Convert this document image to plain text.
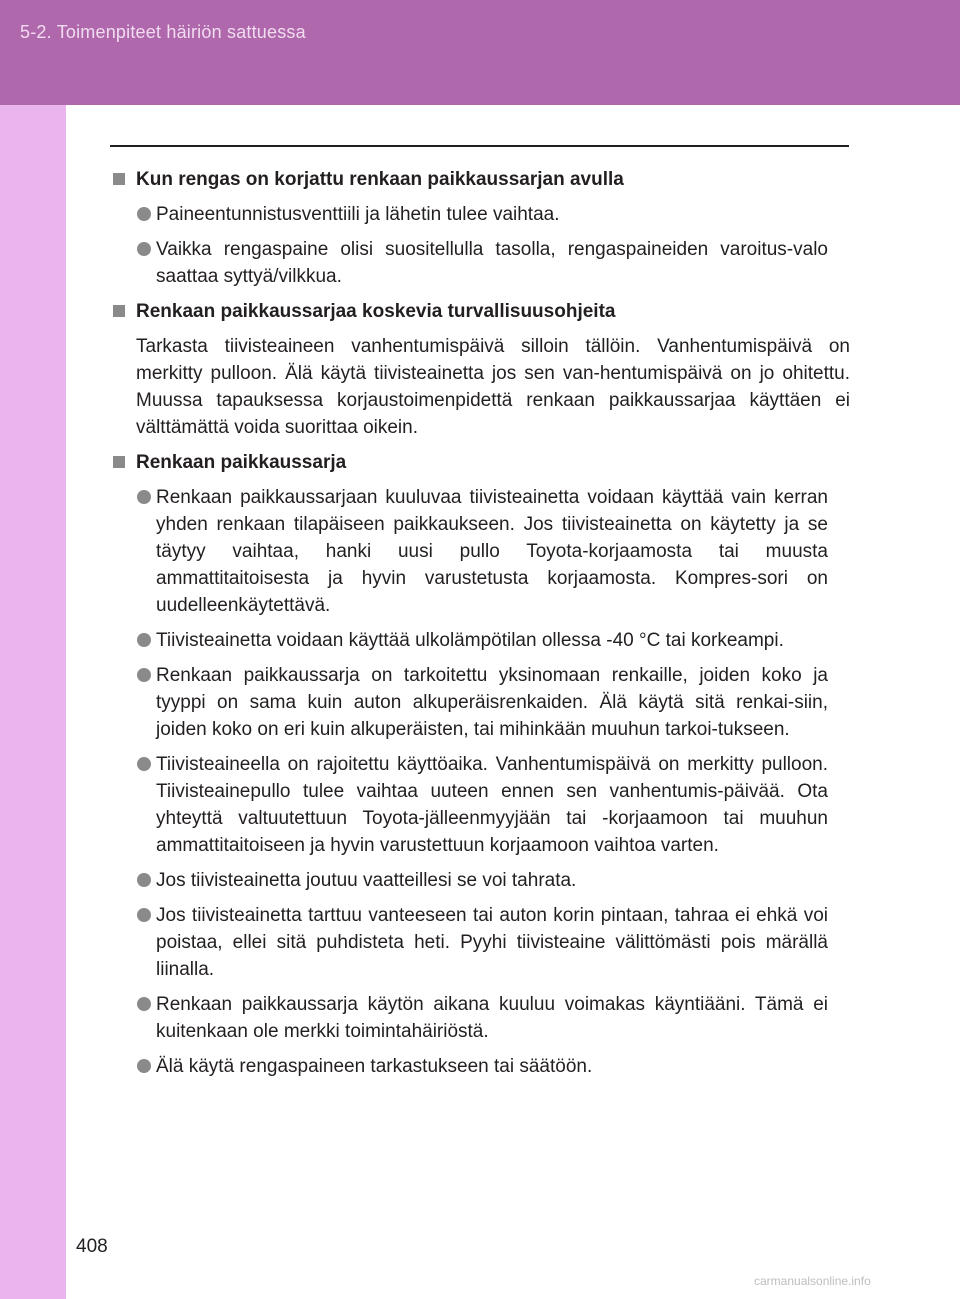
5-2. Toimenpiteet häiriön sattuessa
Kun rengas on korjattu renkaan paikkaussarjan avulla
Paineentunnistusventtiili ja lähetin tulee vaihtaa.
Vaikka rengaspaine olisi suositellulla tasolla, rengaspaineiden varoitus-valo saattaa syttyä/vilkkua.
Renkaan paikkaussarjaa koskevia turvallisuusohjeita
Tarkasta tiivisteaineen vanhentumispäivä silloin tällöin. Vanhentumispäivä on merkitty pulloon. Älä käytä tiivisteainetta jos sen van-hentumispäivä on jo ohitettu. Muussa tapauksessa korjaustoimenpidettä renkaan paikkaussarjaa käyttäen ei välttämättä voida suorittaa oikein.
Renkaan paikkaussarja
Renkaan paikkaussarjaan kuuluvaa tiivisteainetta voidaan käyttää vain kerran yhden renkaan tilapäiseen paikkaukseen. Jos tiivisteainetta on käytetty ja se täytyy vaihtaa, hanki uusi pullo Toyota-korjaamosta tai muusta ammattitaitoisesta ja hyvin varustetusta korjaamosta. Kompres-sori on uudelleenkäytettävä.
Tiivisteainetta voidaan käyttää ulkolämpötilan ollessa -40 °C tai korkeampi.
Renkaan paikkaussarja on tarkoitettu yksinomaan renkaille, joiden koko ja tyyppi on sama kuin auton alkuperäisrenkaiden. Älä käytä sitä renkai-siin, joiden koko on eri kuin alkuperäisten, tai mihinkään muuhun tarkoi-tukseen.
Tiivisteaineella on rajoitettu käyttöaika. Vanhentumispäivä on merkitty pulloon. Tiivisteainepullo tulee vaihtaa uuteen ennen sen vanhentumis-päivää. Ota yhteyttä valtuutettuun Toyota-jälleenmyyjään tai -korjaamoon tai muuhun ammattitaitoiseen ja hyvin varustettuun korjaamoon vaihtoa varten.
Jos tiivisteainetta joutuu vaatteillesi se voi tahrata.
Jos tiivisteainetta tarttuu vanteeseen tai auton korin pintaan, tahraa ei ehkä voi poistaa, ellei sitä puhdisteta heti. Pyyhi tiivisteaine välittömästi pois märällä liinalla.
Renkaan paikkaussarja käytön aikana kuuluu voimakas käyntiääni. Tämä ei kuitenkaan ole merkki toimintahäiriöstä.
Älä käytä rengaspaineen tarkastukseen tai säätöön.
408
carmanualsonline.info
